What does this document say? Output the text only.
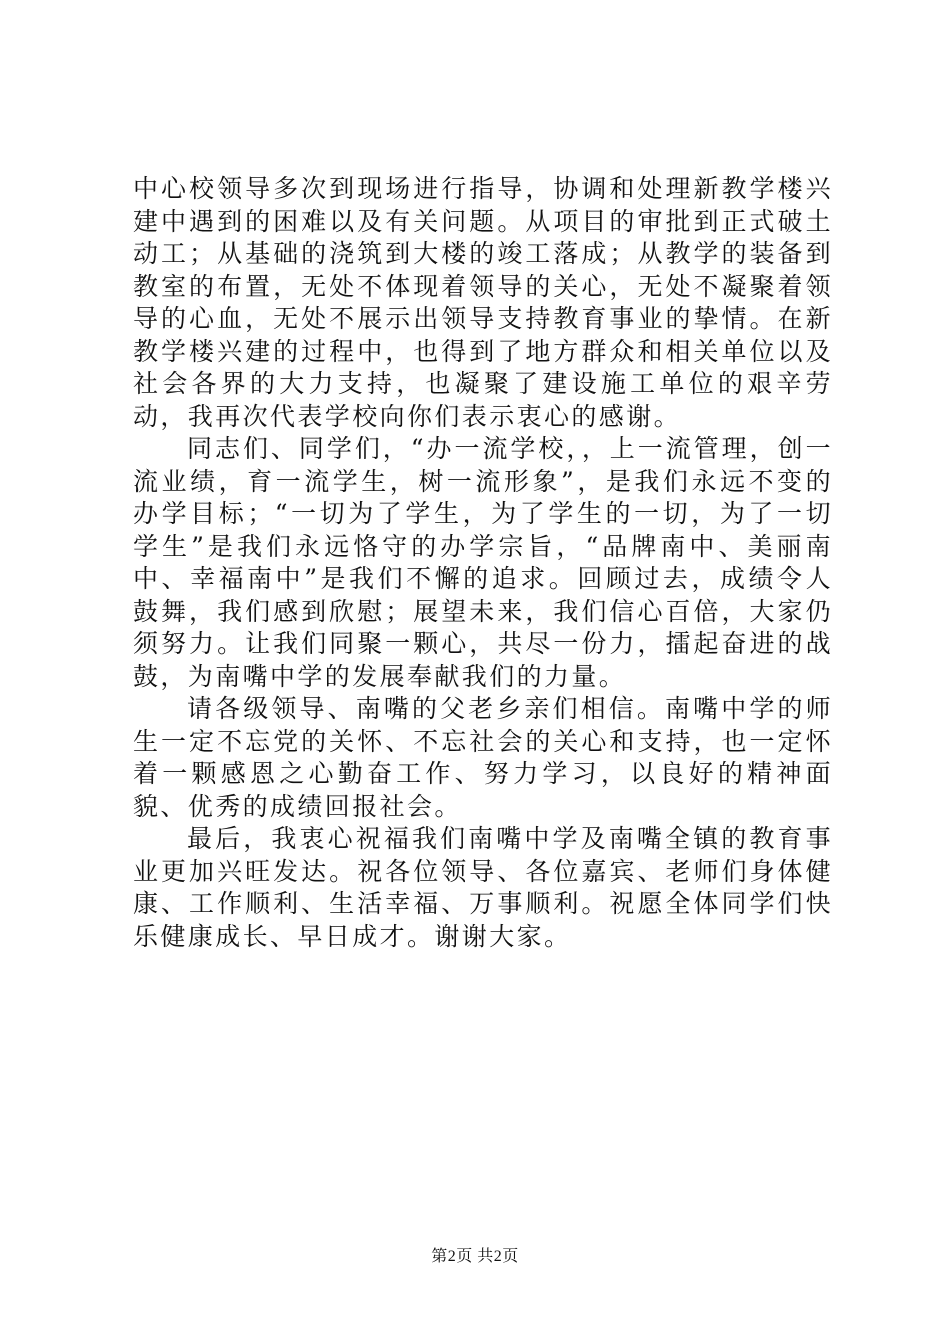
中心校领导多次到现场进行指导，协调和处理新教学楼兴建中遇到的困难以及有关问题。从项目的审批到正式破土动工；从基础的浇筑到大楼的竣工落成；从教学的装备到教室的布置，无处不体现着领导的关心，无处不凝聚着领导的心血，无处不展示出领导支持教育事业的挚情。在新教学楼兴建的过程中，也得到了地方群众和相关单位以及社会各界的大力支持，也凝聚了建设施工单位的艰辛劳动，我再次代表学校向你们表示衷心的感谢。

同志们、同学们，“办一流学校，，上一流管理，创一流业绩，育一流学生，树一流形象”，是我们永远不变的办学目标；“一切为了学生，为了学生的一切，为了一切学生”是我们永远恪守的办学宗旨，“品牌南中、美丽南中、幸福南中”是我们不懈的追求。回顾过去，成绩令人鼓舞，我们感到欣慰；展望未来，我们信心百倍，大家仍须努力。让我们同聚一颗心，共尽一份力，擂起奋进的战鼓，为南嘴中学的发展奉献我们的力量。

请各级领导、南嘴的父老乡亲们相信。南嘴中学的师生一定不忘党的关怀、不忘社会的关心和支持，也一定怀着一颗感恩之心勤奋工作、努力学习，以良好的精神面貌、优秀的成绩回报社会。

最后，我衷心祝福我们南嘴中学及南嘴全镇的教育事业更加兴旺发达。祝各位领导、各位嘉宾、老师们身体健康、工作顺利、生活幸福、万事顺利。祝愿全体同学们快乐健康成长、早日成才。谢谢大家。

第2页 共2页
